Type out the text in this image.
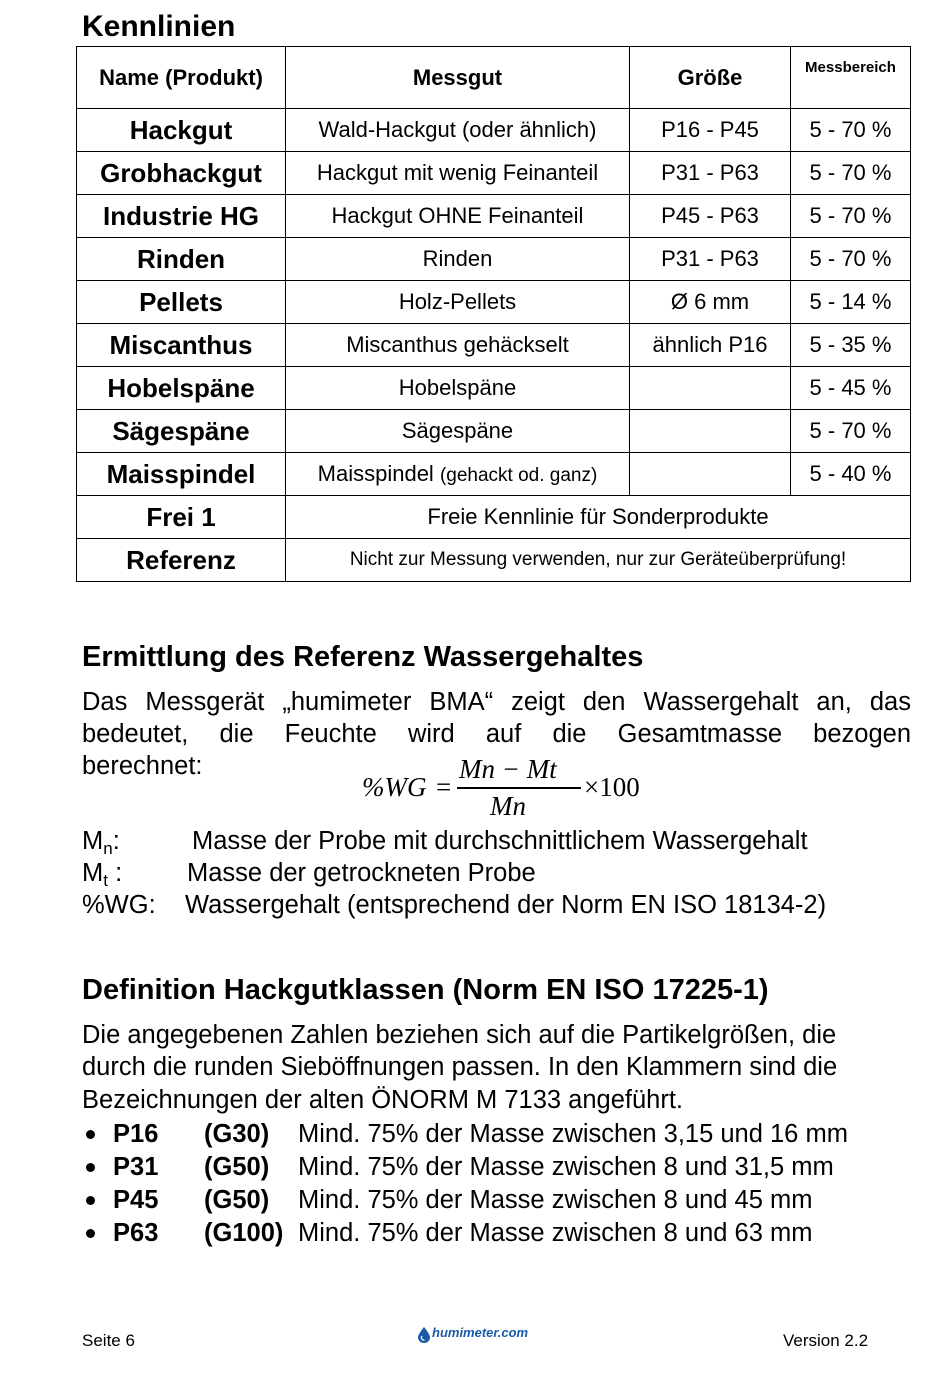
Kennlinien
Name (Produkt)	Messgut	Größe	Messbereich
Hackgut	Wald-Hackgut (oder ähnlich)	P16 - P45	5 - 70 %
Grobhackgut	Hackgut mit wenig Feinanteil	P31 - P63	5 - 70 %
Industrie HG	Hackgut OHNE Feinanteil	P45 - P63	5 - 70 %
Rinden	Rinden	P31 - P63	5 - 70 %
Pellets	Holz-Pellets	Ø 6 mm	5 - 14 %
Miscanthus	Miscanthus gehäckselt	ähnlich P16	5 - 35 %
Hobelspäne	Hobelspäne		5 - 45 %
Sägespäne	Sägespäne		5 - 70 %
Maisspindel	Maisspindel (gehackt od. ganz)		5 - 40 %
Frei 1	Freie Kennlinie für Sonderprodukte		
Referenz	Nicht zur Messung verwenden, nur zur Geräteüberprüfung!		
Ermittlung des Referenz Wassergehaltes

Das Messgerät „humimeter BMA“ zeigt den Wassergehalt an, das

bedeutet, die Feuchte wird auf die Gesamtmasse bezogen

berechnet:

%WG =
Mn − Mt
Mn
×100
$M_n$:	Masse der Probe mit durchschnittlichem Wassergehalt
$M_t$ :	Masse der getrockneten Probe
%WG: Wassergehalt (entsprechend der Norm EN ISO 18134-2)
Definition Hackgutklassen (Norm EN ISO 17225-1)

Die angegebenen Zahlen beziehen sich auf die Partikelgrößen, die

durch die runden Sieböffnungen passen. In den Klammern sind die

Bezeichnungen der alten ÖNORM M 7133 angeführt.

P16 (G30) Mind. 75% der Masse zwischen 3,15 und 16 mm
P31 (G50) Mind. 75% der Masse zwischen 8 und 31,5 mm
P45 (G50) Mind. 75% der Masse zwischen 8 und 45 mm
P63 (G100) Mind. 75% der Masse zwischen 8 und 63 mm
Seite 6	humimeter.com	Version 2.2
